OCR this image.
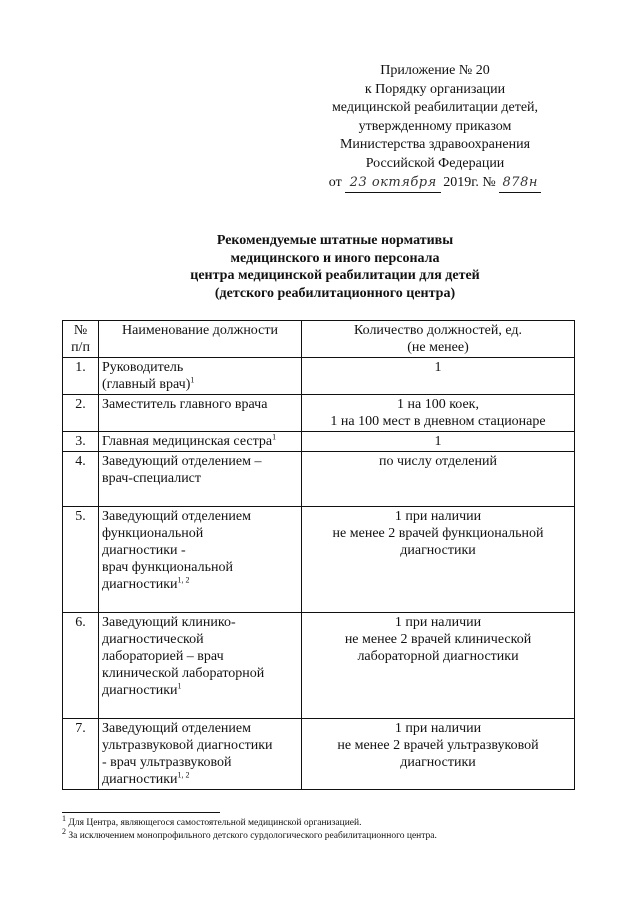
Приложение № 20
к Порядку организации
медицинской реабилитации детей,
утвержденному приказом
Министерства здравоохранения
Российской Федерации
от 23 октября 2019г. № 878н
Рекомендуемые штатные нормативы
медицинского и иного персонала
центра медицинской реабилитации для детей
(детского реабилитационного центра)
№
п/п	Наименование должности	Количество должностей, ед.
(не менее)
1.	Руководитель
(главный врач)$^1$	1
2.	Заместитель главного врача	1 на 100 коек,
1 на 100 мест в дневном стационаре
3.	Главная медицинская сестра$^1$	1
4.	Заведующий отделением –
врач-специалист	по числу отделений
5.	Заведующий отделением
функциональной
диагностики -
врач функциональной
диагностики$^{1, 2}$	1 при наличии
не менее 2 врачей функциональной
диагностики
6.	Заведующий клинико-
диагностической
лабораторией – врач
клинической лабораторной
диагностики$^1$	1 при наличии
не менее 2 врачей клинической
лабораторной диагностики
7.	Заведующий отделением
ультразвуковой диагностики
- врач ультразвуковой
диагностики$^{1, 2}$	1 при наличии
не менее 2 врачей ультразвуковой
диагностики
$^1$ Для Центра, являющегося самостоятельной медицинской организацией.
$^2$ За исключением монопрофильного детского сурдологического реабилитационного центра.
